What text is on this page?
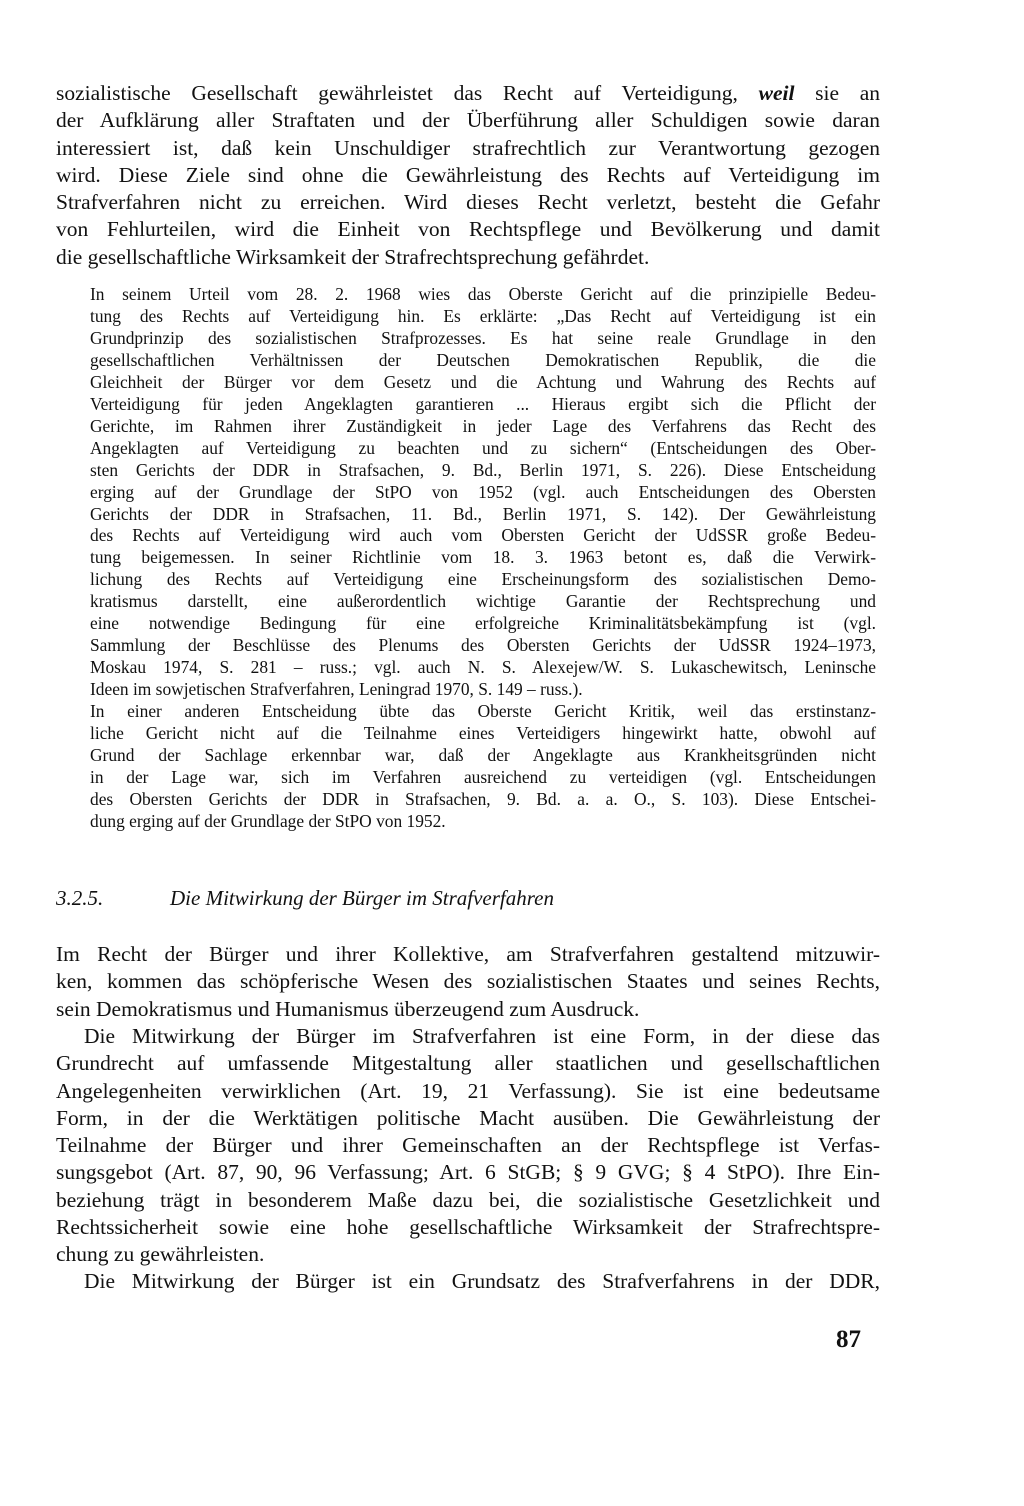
sozialistische Gesellschaft gewährleistet das Recht auf Verteidigung, weil sie an
der Aufklärung aller Straftaten und der Überführung aller Schuldigen sowie daran
interessiert ist, daß kein Unschuldiger strafrechtlich zur Verantwortung gezogen
wird. Diese Ziele sind ohne die Gewährleistung des Rechts auf Verteidigung im
Strafverfahren nicht zu erreichen. Wird dieses Recht verletzt, besteht die Gefahr
von Fehlurteilen, wird die Einheit von Rechtspflege und Bevölkerung und damit
die gesellschaftliche Wirksamkeit der Strafrechtsprechung gefährdet.
In seinem Urteil vom 28. 2. 1968 wies das Oberste Gericht auf die prinzipielle Bedeu-
tung des Rechts auf Verteidigung hin. Es erklärte: „Das Recht auf Verteidigung ist ein
Grundprinzip des sozialistischen Strafprozesses. Es hat seine reale Grundlage in den
gesellschaftlichen Verhältnissen der Deutschen Demokratischen Republik, die die
Gleichheit der Bürger vor dem Gesetz und die Achtung und Wahrung des Rechts auf
Verteidigung für jeden Angeklagten garantieren ... Hieraus ergibt sich die Pflicht der
Gerichte, im Rahmen ihrer Zuständigkeit in jeder Lage des Verfahrens das Recht des
Angeklagten auf Verteidigung zu beachten und zu sichern“ (Entscheidungen des Ober-
sten Gerichts der DDR in Strafsachen, 9. Bd., Berlin 1971, S. 226). Diese Entscheidung
erging auf der Grundlage der StPO von 1952 (vgl. auch Entscheidungen des Obersten
Gerichts der DDR in Strafsachen, 11. Bd., Berlin 1971, S. 142). Der Gewährleistung
des Rechts auf Verteidigung wird auch vom Obersten Gericht der UdSSR große Bedeu-
tung beigemessen. In seiner Richtlinie vom 18. 3. 1963 betont es, daß die Verwirk-
lichung des Rechts auf Verteidigung eine Erscheinungsform des sozialistischen Demo-
kratismus darstellt, eine außerordentlich wichtige Garantie der Rechtsprechung und
eine notwendige Bedingung für eine erfolgreiche Kriminalitätsbekämpfung ist (vgl.
Sammlung der Beschlüsse des Plenums des Obersten Gerichts der UdSSR 1924–1973,
Moskau 1974, S. 281 – russ.; vgl. auch N. S. Alexejew/W. S. Lukaschewitsch, Leninsche
Ideen im sowjetischen Strafverfahren, Leningrad 1970, S. 149 – russ.).
In einer anderen Entscheidung übte das Oberste Gericht Kritik, weil das erstinstanz-
liche Gericht nicht auf die Teilnahme eines Verteidigers hingewirkt hatte, obwohl auf
Grund der Sachlage erkennbar war, daß der Angeklagte aus Krankheitsgründen nicht
in der Lage war, sich im Verfahren ausreichend zu verteidigen (vgl. Entscheidungen
des Obersten Gerichts der DDR in Strafsachen, 9. Bd. a. a. O., S. 103). Diese Entschei-
dung erging auf der Grundlage der StPO von 1952.
3.2.5.	Die Mitwirkung der Bürger im Strafverfahren
Im Recht der Bürger und ihrer Kollektive, am Strafverfahren gestaltend mitzuwir-
ken, kommen das schöpferische Wesen des sozialistischen Staates und seines Rechts,
sein Demokratismus und Humanismus überzeugend zum Ausdruck.
Die Mitwirkung der Bürger im Strafverfahren ist eine Form, in der diese das
Grundrecht auf umfassende Mitgestaltung aller staatlichen und gesellschaftlichen
Angelegenheiten verwirklichen (Art. 19, 21 Verfassung). Sie ist eine bedeutsame
Form, in der die Werktätigen politische Macht ausüben. Die Gewährleistung der
Teilnahme der Bürger und ihrer Gemeinschaften an der Rechtspflege ist Verfas-
sungsgebot (Art. 87, 90, 96 Verfassung; Art. 6 StGB; § 9 GVG; § 4 StPO). Ihre Ein-
beziehung trägt in besonderem Maße dazu bei, die sozialistische Gesetzlichkeit und
Rechtssicherheit sowie eine hohe gesellschaftliche Wirksamkeit der Strafrechtspre-
chung zu gewährleisten.
Die Mitwirkung der Bürger ist ein Grundsatz des Strafverfahrens in der DDR,
87
